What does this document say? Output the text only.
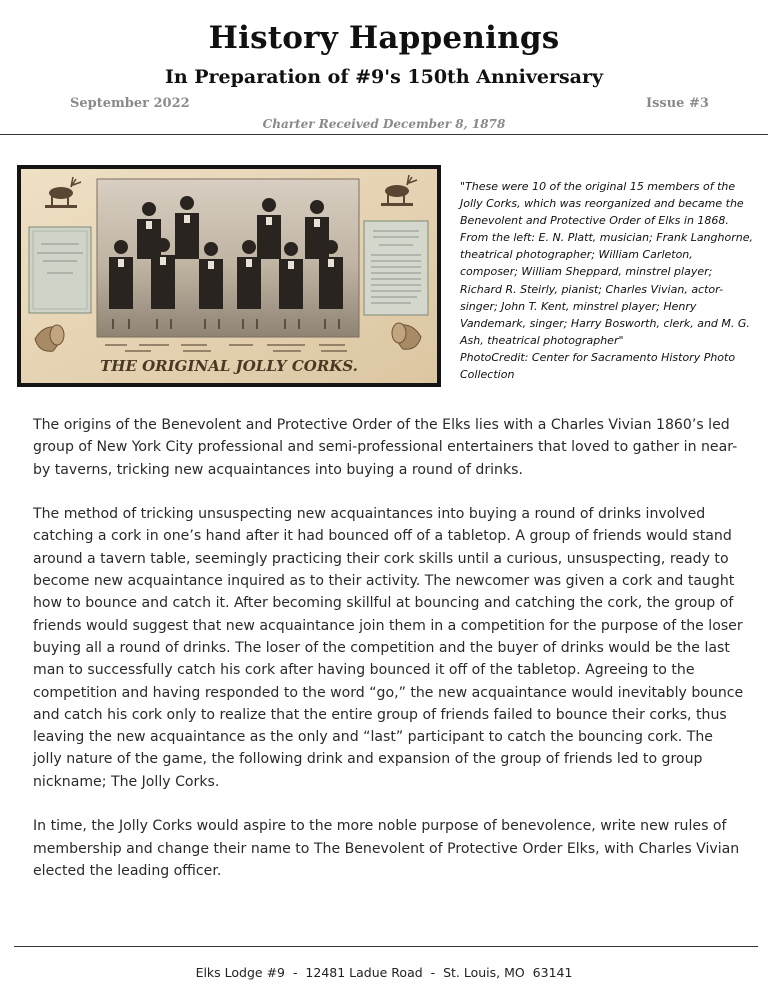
History Happenings
In Preparation of #9's 150th Anniversary
September 2022	Issue #3
Charter Received December 8, 1878
THE ORIGINAL JOLLY CORKS.

"These were 10 of the original 15 members of the Jolly Corks, which was reorganized and became the Benevolent and Protective Order of Elks in 1868. From the left: E. N. Platt, musician; Frank Langhorne, theatrical photographer; William Carleton, composer; William Sheppard, minstrel player; Richard R. Steirly, pianist; Charles Vivian, actor-singer; John T. Kent, minstrel player; Henry Vandemark, singer; Harry Bosworth, clerk, and M. G. Ash, theatrical photographer"

PhotoCredit: Center for Sacramento History Photo Collection

The origins of the Benevolent and Protective Order of the Elks lies with a Charles Vivian 1860’s led group of New York City professional and semi-professional entertainers that loved to gather in near-by taverns, tricking new acquaintances into buying a round of drinks.

The method of tricking unsuspecting new acquaintances into buying a round of drinks involved catching a cork in one’s hand after it had bounced off of a tabletop. A group of friends would stand around a tavern table, seemingly practicing their cork skills until a curious, unsuspecting, ready to become new acquaintance inquired as to their activity. The newcomer was given a cork and taught how to bounce and catch it. After becoming skillful at bouncing and catching the cork, the group of friends would suggest that new acquaintance join them in a competition for the purpose of the loser buying all a round of drinks. The loser of the competition and the buyer of drinks would be the last man to successfully catch his cork after having bounced it off of the tabletop. Agreeing to the competition and having responded to the word “go,” the new acquaintance would inevitably bounce and catch his cork only to realize that the entire group of friends failed to bounce their corks, thus leaving the new acquaintance as the only and “last” participant to catch the bouncing cork. The jolly nature of the game, the following drink and expansion of the group of friends led to group nickname; The Jolly Corks.

In time, the Jolly Corks would aspire to the more noble purpose of benevolence, write new rules of membership and change their name to The Benevolent of Protective Order Elks, with Charles Vivian elected the leading officer.

Elks Lodge #9  -  12481 Ladue Road  -  St. Louis, MO  63141
